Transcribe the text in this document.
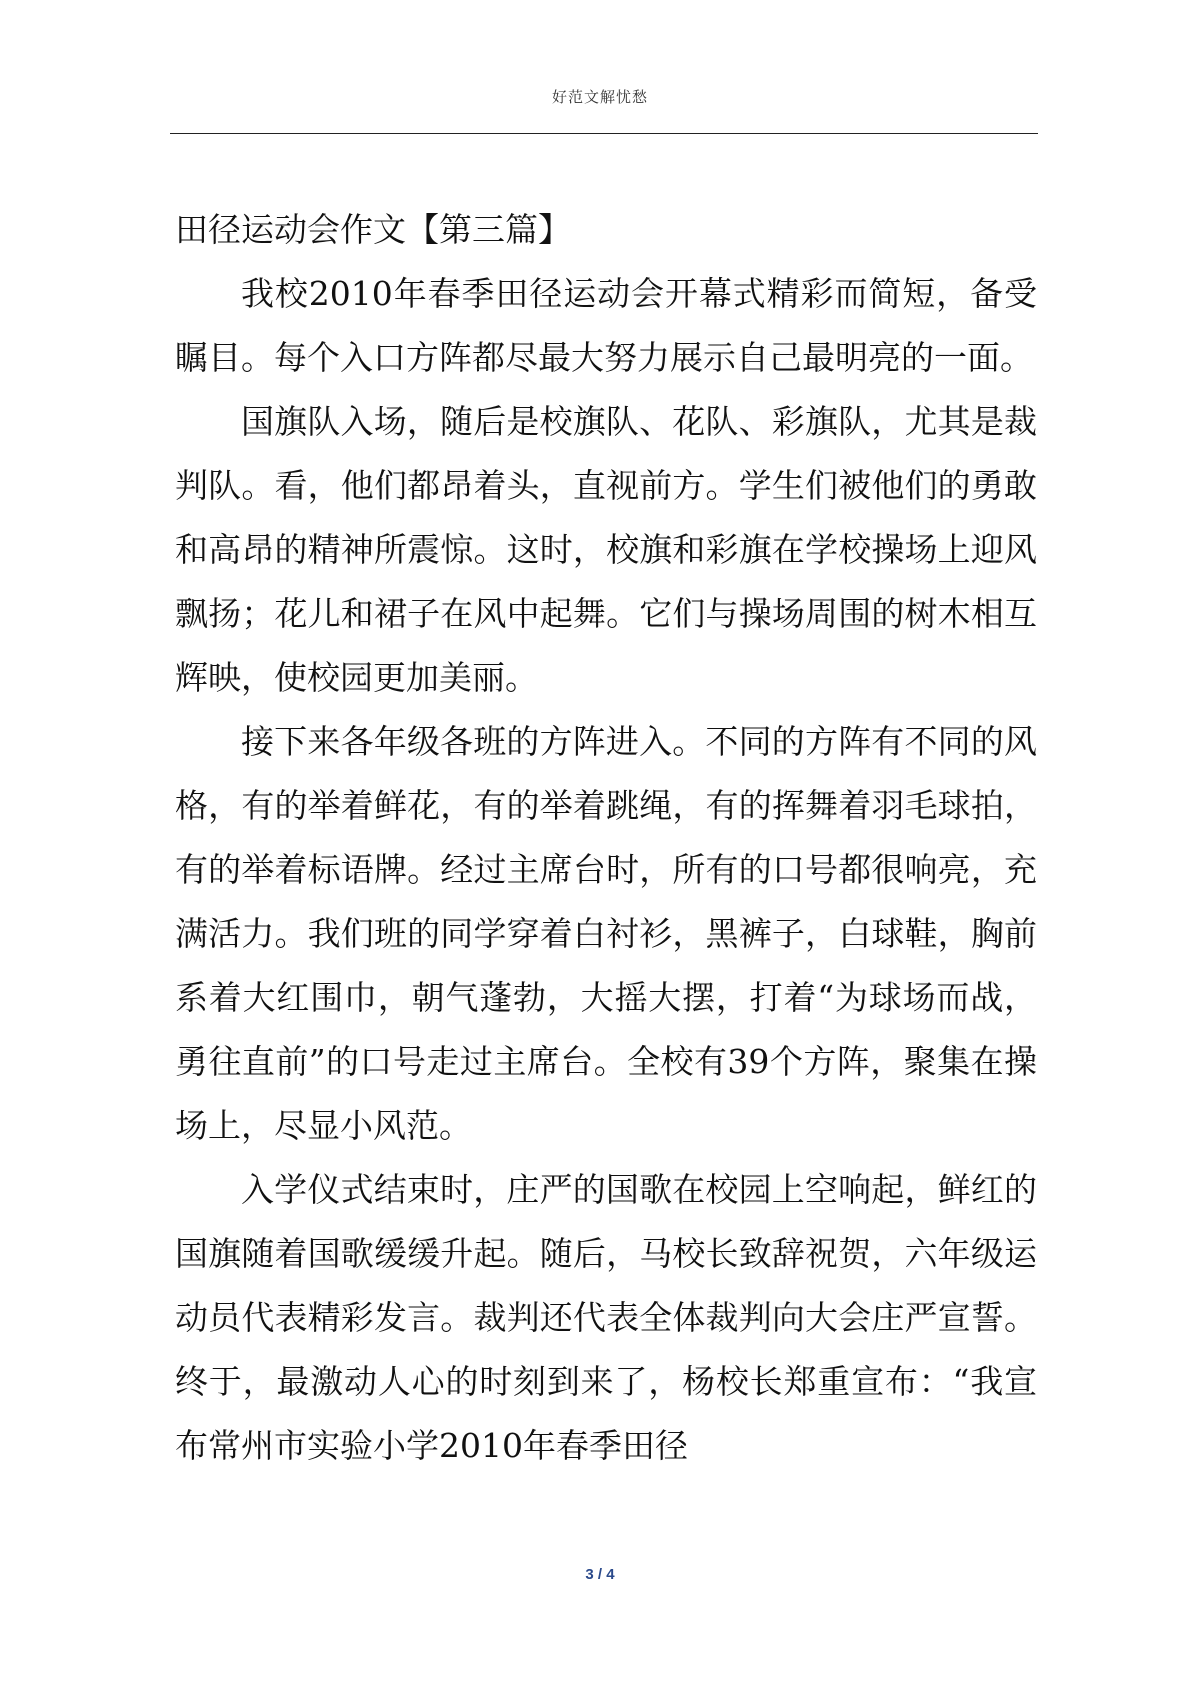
好范文解忧愁
田径运动会作文【第三篇】

我校2010年春季田径运动会开幕式精彩而简短，备受瞩目。每个入口方阵都尽最大努力展示自己最明亮的一面。

国旗队入场，随后是校旗队、花队、彩旗队，尤其是裁判队。看，他们都昂着头，直视前方。学生们被他们的勇敢和高昂的精神所震惊。这时，校旗和彩旗在学校操场上迎风飘扬；花儿和裙子在风中起舞。它们与操场周围的树木相互辉映，使校园更加美丽。

接下来各年级各班的方阵进入。不同的方阵有不同的风格，有的举着鲜花，有的举着跳绳，有的挥舞着羽毛球拍，有的举着标语牌。经过主席台时，所有的口号都很响亮，充满活力。我们班的同学穿着白衬衫，黑裤子，白球鞋，胸前系着大红围巾，朝气蓬勃，大摇大摆，打着“为球场而战，勇往直前”的口号走过主席台。全校有39个方阵，聚集在操场上，尽显小风范。

入学仪式结束时，庄严的国歌在校园上空响起，鲜红的国旗随着国歌缓缓升起。随后，马校长致辞祝贺，六年级运动员代表精彩发言。裁判还代表全体裁判向大会庄严宣誓。终于，最激动人心的时刻到来了，杨校长郑重宣布：“我宣布常州市实验小学2010年春季田径

3 / 4
